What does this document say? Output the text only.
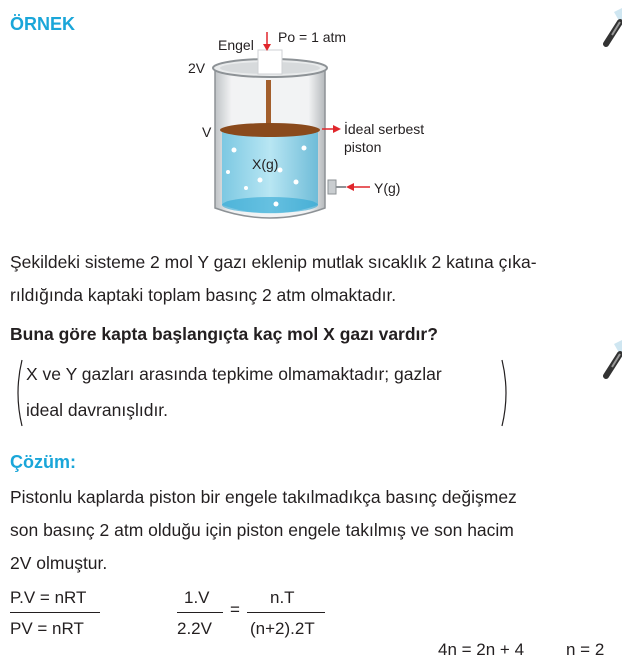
ÖRNEK
Engel Po = 1 atm
2V
V
X(g)
İdeal serbest
piston
Y(g)
Şekildeki sisteme 2 mol Y gazı eklenip mutlak sıcaklık 2 katına çıka-
rıldığında kaptaki toplam basınç 2 atm olmaktadır.
Buna göre kapta başlangıçta kaç mol X gazı vardır?
X ve Y gazları arasında tepkime olmamaktadır; gazlar
ideal davranışlıdır.
Çözüm:
Pistonlu kaplarda piston bir engele takılmadıkça basınç değişmez
son basınç 2 atm olduğu için piston engele takılmış ve son hacim
2V olmuştur.
P.V = nRT
PV = nRT
1.V
2.2V
=
n.T
(n+2).2T
4n = 2n + 4 n = 2
